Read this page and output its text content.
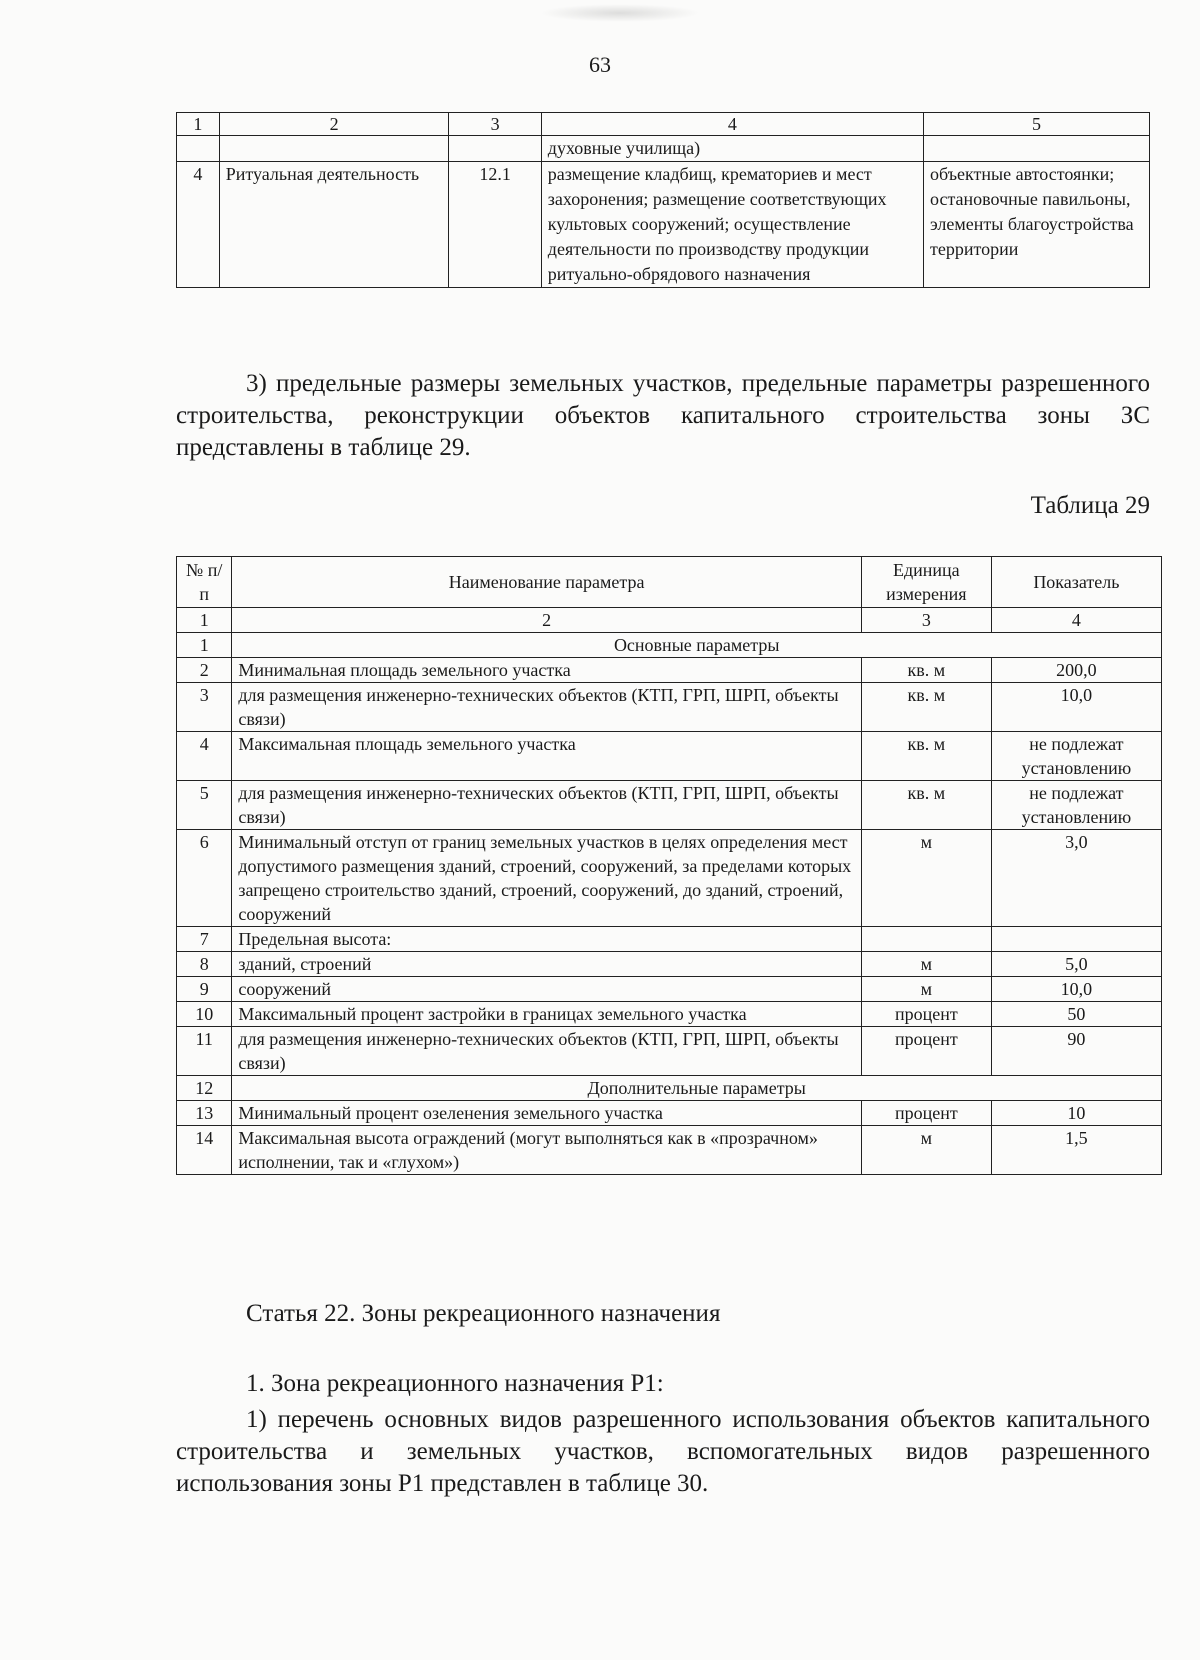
63
1	2	3	4	5
			духовные училища)	
4	Ритуальная деятельность	12.1	размещение кладбищ, крематориев и мест захоронения; размещение соответствующих культовых сооружений; осуществление деятельности по производству продукции ритуально-обрядового назначения	объектные автостоянки; остановочные павильоны, элементы благоустройства территории
3) предельные размеры земельных участков, предельные параметры разрешенного строительства, реконструкции объектов капитального строительства зоны ЗС представлены в таблице 29.
Таблица 29
№ п/п	Наименование параметра	Единица измерения	Показатель
1	2	3	4
1	Основные параметры		
2	Минимальная площадь земельного участка	кв. м	200,0
3	для размещения инженерно-технических объектов (КТП, ГРП, ШРП, объекты связи)	кв. м	10,0
4	Максимальная площадь земельного участка	кв. м	не подлежат установлению
5	для размещения инженерно-технических объектов (КТП, ГРП, ШРП, объекты связи)	кв. м	не подлежат установлению
6	Минимальный отступ от границ земельных участков в целях определения мест допустимого размещения зданий, строений, сооружений, за пределами которых запрещено строительство зданий, строений, сооружений, до зданий, строений, сооружений	м	3,0
7	Предельная высота:		
8	зданий, строений	м	5,0
9	сооружений	м	10,0
10	Максимальный процент застройки в границах земельного участка	процент	50
11	для размещения инженерно-технических объектов (КТП, ГРП, ШРП, объекты связи)	процент	90
12	Дополнительные параметры		
13	Минимальный процент озеленения земельного участка	процент	10
14	Максимальная высота ограждений (могут выполняться как в «прозрачном» исполнении, так и «глухом»)	м	1,5
Статья 22. Зоны рекреационного назначения
1. Зона рекреационного назначения Р1:
1) перечень основных видов разрешенного использования объектов капитального строительства и земельных участков, вспомогательных видов разрешенного использования зоны Р1 представлен в таблице 30.
